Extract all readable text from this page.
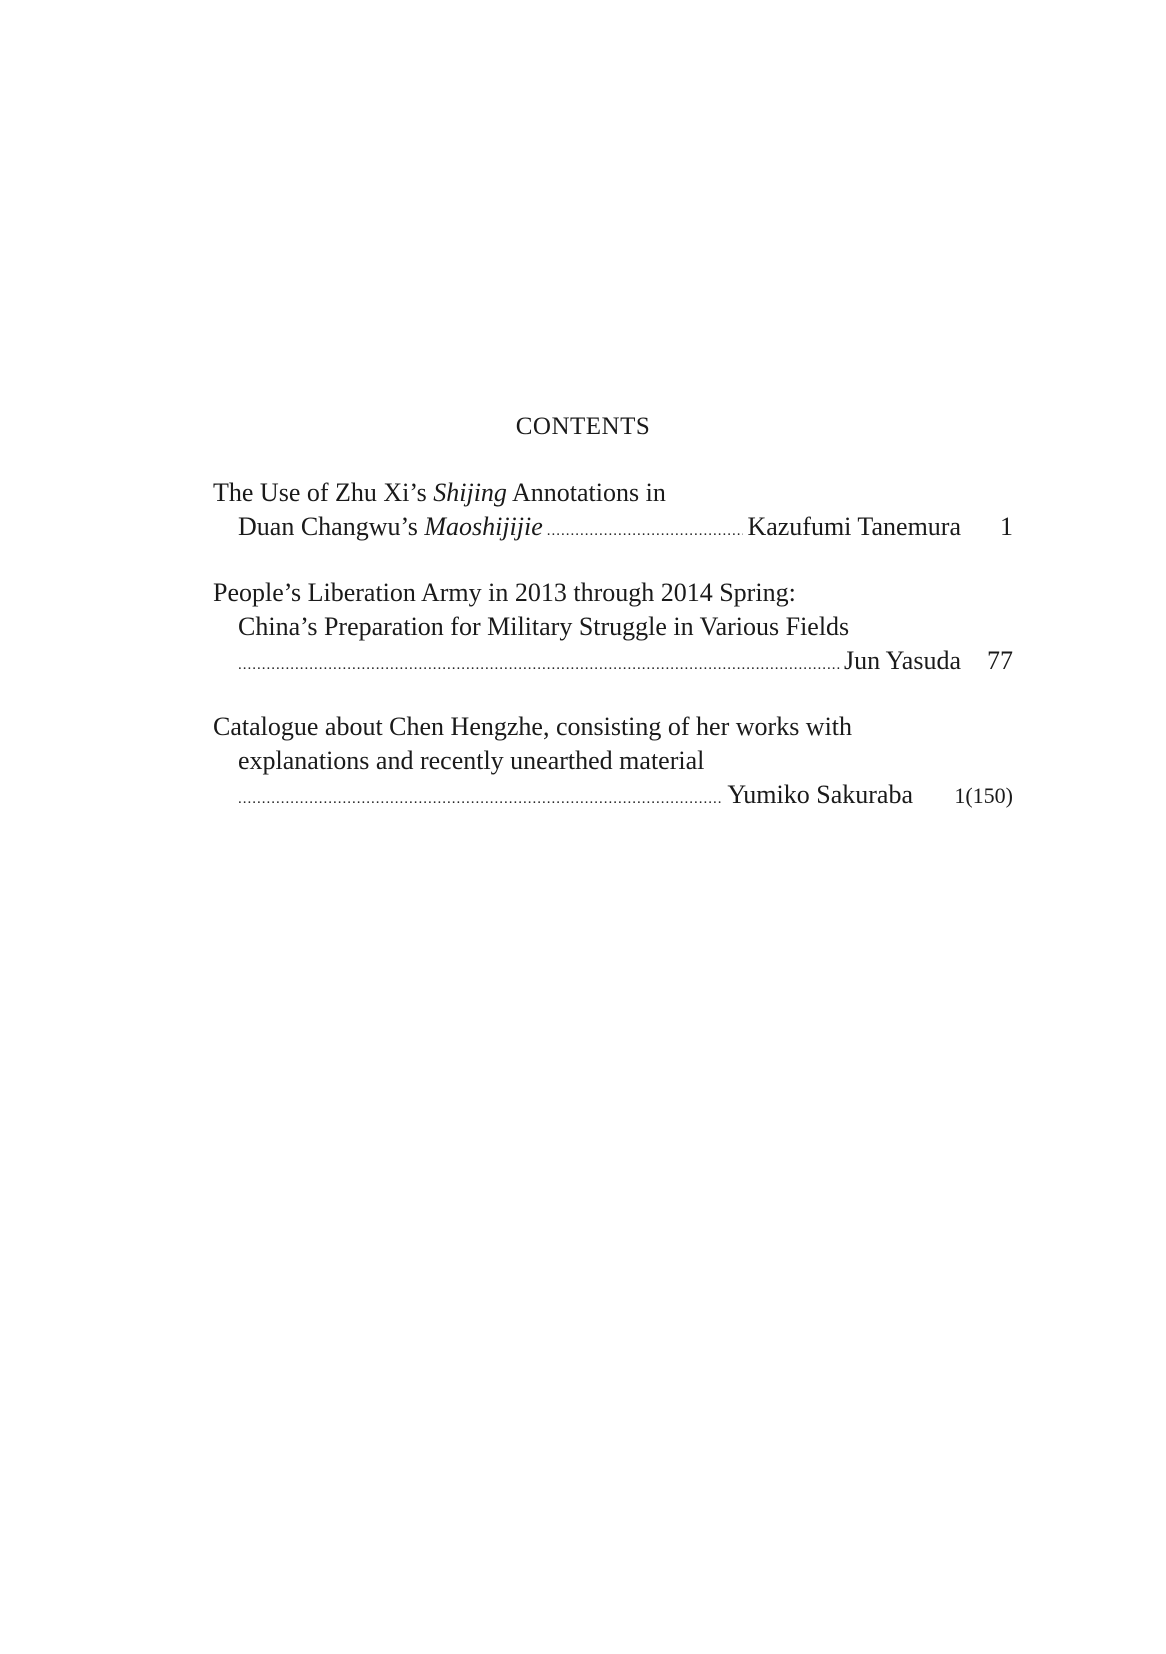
CONTENTS
The Use of Zhu Xi’s Shijing Annotations in
Duan Changwu’s Maoshijijie
.....	Kazufumi Tanemura	1
People’s Liberation Army in 2013 through 2014 Spring:
China’s Preparation for Military Struggle in Various Fields
.....
Jun Yasuda	77
Catalogue about Chen Hengzhe, consisting of her works with
explanations and recently unearthed material
.....
Yumiko Sakuraba	1(150)
